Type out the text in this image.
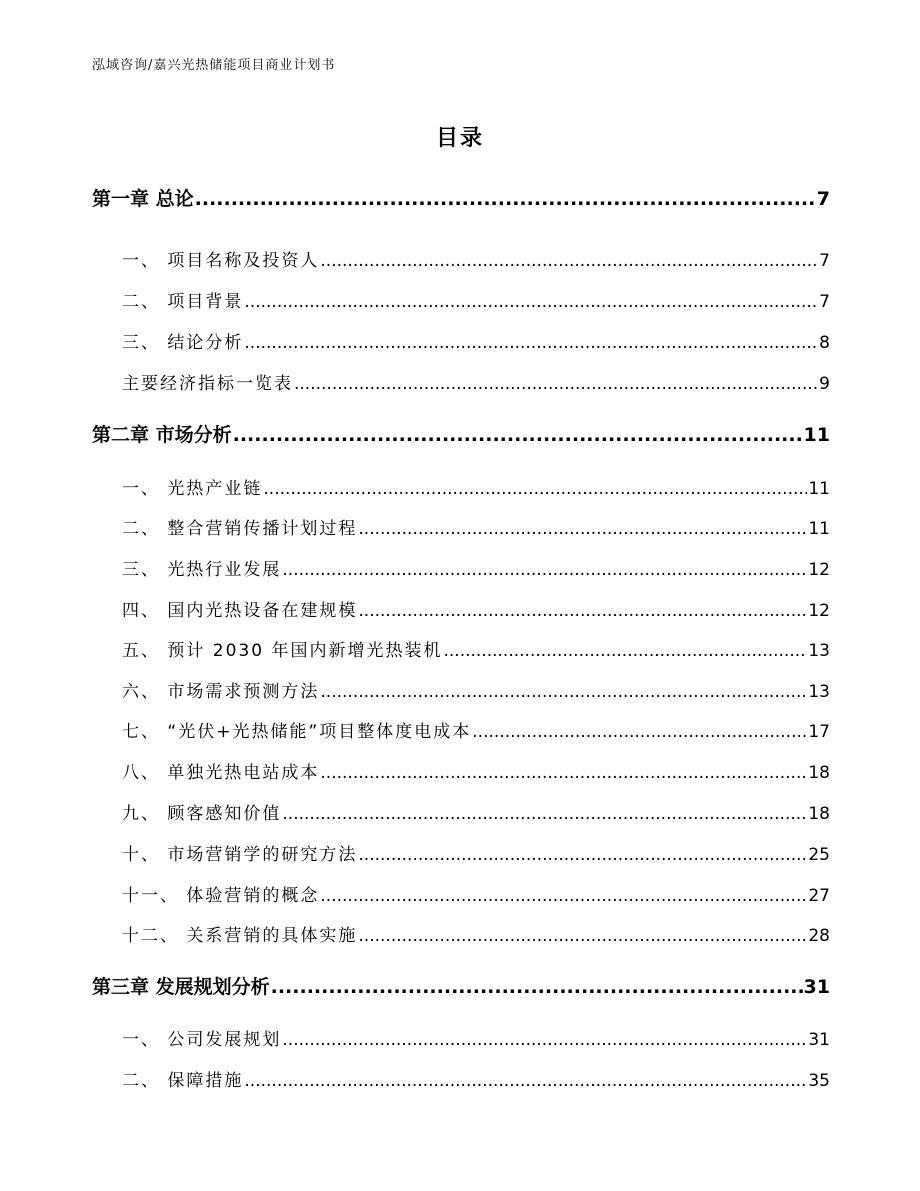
泓域咨询/嘉兴光热储能项目商业计划书
目录
第一章 总论 .....	7
一、 项目名称及投资人 .....	7
二、 项目背景 .....	7
三、 结论分析 .....	8
主要经济指标一览表 .....	9
第二章 市场分析 .....	11
一、 光热产业链 .....	11
二、 整合营销传播计划过程 .....	11
三、 光热行业发展 .....	12
四、 国内光热设备在建规模 .....	12
五、 预计 2030 年国内新增光热装机 .....	13
六、 市场需求预测方法 .....	13
七、 “光伏+光热储能”项目整体度电成本 .....	17
八、 单独光热电站成本 .....	18
九、 顾客感知价值 .....	18
十、 市场营销学的研究方法 .....	25
十一、 体验营销的概念 .....	27
十二、 关系营销的具体实施 .....	28
第三章 发展规划分析 .....	31
一、 公司发展规划 .....	31
二、 保障措施 .....	35
